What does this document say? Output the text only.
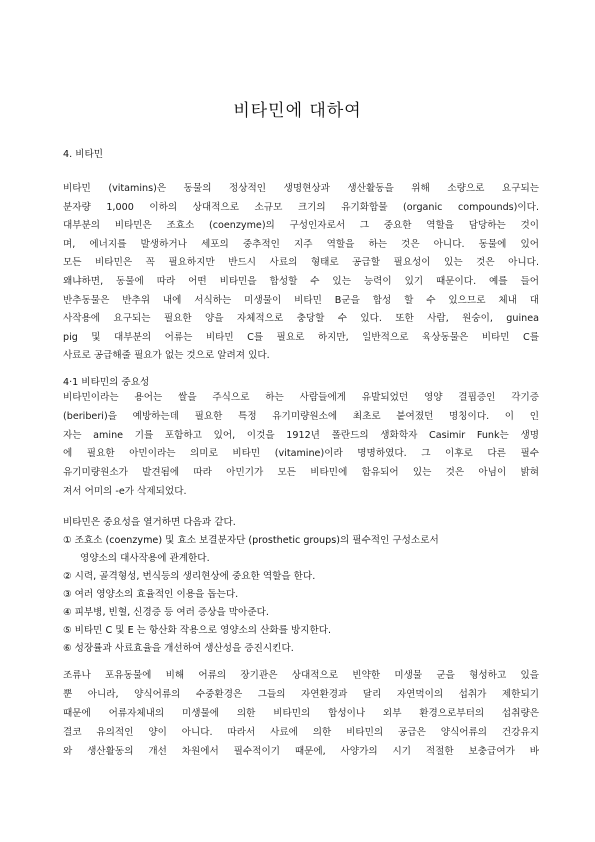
비타민에 대하여
4. 비타민
비타민 (vitamins)은 동물의 정상적인 생명현상과 생산활동을 위해 소량으로 요구되는
분자량 1,000 이하의 상대적으로 소규모 크기의 유기화합물 (organic compounds)이다.
대부분의 비타민은 조효소 (coenzyme)의 구성인자로서 그 중요한 역할을 담당하는 것이
며, 에너지를 발생하거나 세포의 중추적인 지주 역할을 하는 것은 아니다. 동물에 있어
모든 비타민은 꼭 필요하지만 반드시 사료의 형태로 공급할 필요성이 있는 것은 아니다.
왜냐하면, 동물에 따라 어떤 비타민을 합성할 수 있는 능력이 있기 때문이다. 예를 들어
반추동물은 반추위 내에 서식하는 미생물이 비타민 B군을 합성 할 수 있으므로 체내 대
사작용에 요구되는 필요한 양을 자체적으로 충당할 수 있다. 또한 사람, 원숭이, guinea
pig 및 대부분의 어류는 비타민 C를 필요로 하지만, 일반적으로 육상동물은 비타민 C를
사료로 공급해줄 필요가 없는 것으로 알려져 있다.
4·1 비타민의 중요성
비타민이라는 용어는 쌀을 주식으로 하는 사람들에게 유발되었던 영양 결핍증인 각기증
(beriberi)을 예방하는데 필요한 특정 유기미량원소에 최초로 붙여졌던 명칭이다. 이 인
자는 amine 기를 포함하고 있어, 이것을 1912년 폴란드의 생화학자 Casimir Funk는 생명
에 필요한 아민이라는 의미로 비타민 (vitamine)이라 명명하였다. 그 이후로 다른 필수
유기미량원소가 발견됨에 따라 아민기가 모든 비타민에 함유되어 있는 것은 아님이 밝혀
져서 어미의 -e가 삭제되었다.
비타민은 중요성을 열거하면 다음과 같다.
① 조효소 (coenzyme) 및 효소 보결분자단 (prosthetic groups)의 필수적인 구성소로서
영양소의 대사작용에 관계한다.
② 시력, 골격형성, 번식등의 생리현상에 중요한 역할을 한다.
③ 여러 영양소의 효율적인 이용을 돕는다.
④ 피부병, 빈혈, 신경증 등 여러 증상을 막아준다.
⑤ 비타민 C 및 E 는 항산화 작용으로 영양소의 산화를 방지한다.
⑥ 성장률과 사료효율을 개선하여 생산성을 증진시킨다.
조류나 포유동물에 비해 어류의 장기관은 상대적으로 빈약한 미생물 군을 형성하고 있을
뿐 아니라, 양식어류의 수중환경은 그들의 자연환경과 달리 자연먹이의 섭취가 제한되기
때문에 어류자체내의 미생물에 의한 비타민의 합성이나 외부 환경으로부터의 섭취량은
결코 유의적인 양이 아니다. 따라서 사료에 의한 비타민의 공급은 양식어류의 건강유지
와 생산활동의 개선 차원에서 필수적이기 때문에, 사양가의 시기 적절한 보충급여가 바
